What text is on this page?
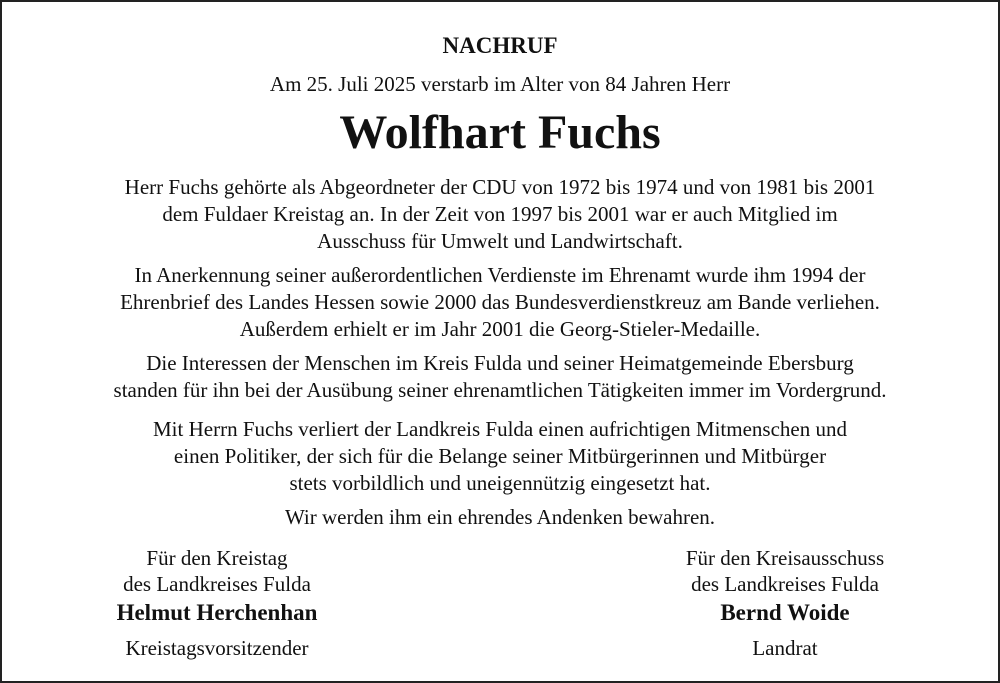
NACHRUF
Am 25. Juli 2025 verstarb im Alter von 84 Jahren Herr
Wolfhart Fuchs
Herr Fuchs gehörte als Abgeordneter der CDU von 1972 bis 1974 und von 1981 bis 2001
dem Fuldaer Kreistag an. In der Zeit von 1997 bis 2001 war er auch Mitglied im
Ausschuss für Umwelt und Landwirtschaft.
In Anerkennung seiner außerordentlichen Verdienste im Ehrenamt wurde ihm 1994 der
Ehrenbrief des Landes Hessen sowie 2000 das Bundesverdienstkreuz am Bande verliehen.
Außerdem erhielt er im Jahr 2001 die Georg-Stieler-Medaille.
Die Interessen der Menschen im Kreis Fulda und seiner Heimatgemeinde Ebersburg
standen für ihn bei der Ausübung seiner ehrenamtlichen Tätigkeiten immer im Vordergrund.
Mit Herrn Fuchs verliert der Landkreis Fulda einen aufrichtigen Mitmenschen und
einen Politiker, der sich für die Belange seiner Mitbürgerinnen und Mitbürger
stets vorbildlich und uneigennützig eingesetzt hat.
Wir werden ihm ein ehrendes Andenken bewahren.
Für den Kreistag
des Landkreises Fulda
Helmut Herchenhan
Kreistagsvorsitzender
Für den Kreisausschuss
des Landkreises Fulda
Bernd Woide
Landrat
